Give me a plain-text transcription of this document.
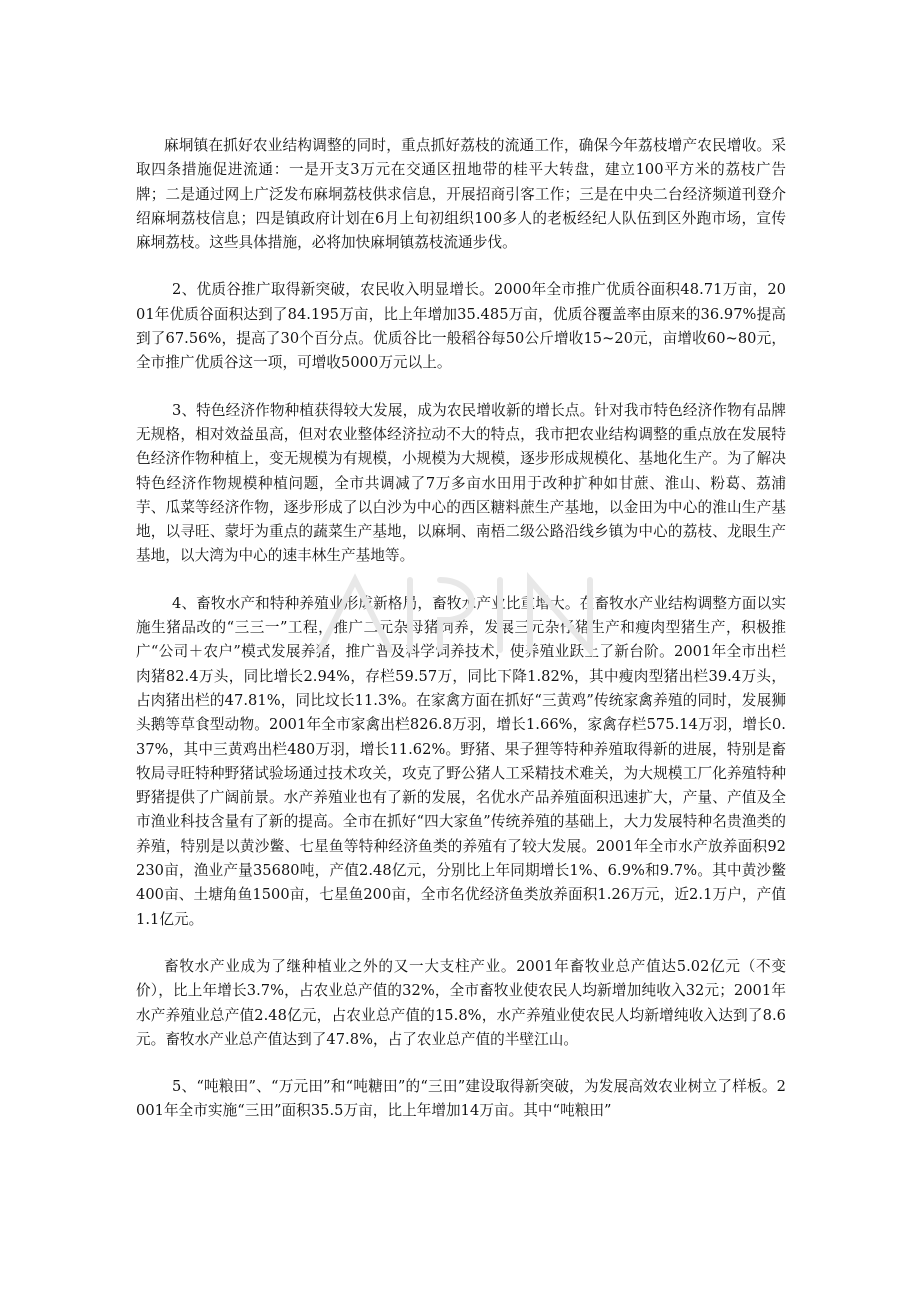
麻垌镇在抓好农业结构调整的同时，重点抓好荔枝的流通工作，确保今年荔枝增产农民增收。采取四条措施促进流通：一是开支3万元在交通区扭地带的桂平大转盘，建立100平方米的荔枝广告牌；二是通过网上广泛发布麻垌荔枝供求信息，开展招商引客工作；三是在中央二台经济频道刊登介绍麻垌荔枝信息；四是镇政府计划在6月上旬初组织100多人的老板经纪人队伍到区外跑市场，宣传麻垌荔枝。这些具体措施，必将加快麻垌镇荔枝流通步伐。

2、优质谷推广取得新突破，农民收入明显增长。2000年全市推广优质谷面积48.71万亩，2001年优质谷面积达到了84.195万亩，比上年增加35.485万亩，优质谷覆盖率由原来的36.97%提高到了67.56%，提高了30个百分点。优质谷比一般稻谷每50公斤增收15~20元，亩增收60~80元，全市推广优质谷这一项，可增收5000万元以上。

3、特色经济作物种植获得较大发展，成为农民增收新的增长点。针对我市特色经济作物有品牌无规格，相对效益虽高，但对农业整体经济拉动不大的特点，我市把农业结构调整的重点放在发展特色经济作物种植上，变无规模为有规模，小规模为大规模，逐步形成规模化、基地化生产。为了解决特色经济作物规模种植问题，全市共调减了7万多亩水田用于改种扩种如甘蔗、淮山、粉葛、荔浦芋、瓜菜等经济作物，逐步形成了以白沙为中心的西区糖料蔗生产基地，以金田为中心的淮山生产基地，以寻旺、蒙圩为重点的蔬菜生产基地，以麻垌、南梧二级公路沿线乡镇为中心的荔枝、龙眼生产基地，以大湾为中心的速丰林生产基地等。

4、畜牧水产和特种养殖业形成新格局，畜牧水产业比重增大。在畜牧水产业结构调整方面以实施生猪品改的“三三一”工程，推广二元杂母猪饲养，发展三元杂仔猪生产和瘦肉型猪生产，积极推广“公司＋农户”模式发展养猪，推广普及科学饲养技术，使养殖业跃上了新台阶。2001年全市出栏肉猪82.4万头，同比增长2.94%，存栏59.57万，同比下降1.82%，其中瘦肉型猪出栏39.4万头，占肉猪出栏的47.81%，同比坟长11.3%。在家禽方面在抓好“三黄鸡”传统家禽养殖的同时，发展狮头鹅等草食型动物。2001年全市家禽出栏826.8万羽，增长1.66%，家禽存栏575.14万羽，增长0.37%，其中三黄鸡出栏480万羽，增长11.62%。野猪、果子狸等特种养殖取得新的进展，特别是畜牧局寻旺特种野猪试验场通过技术攻关，攻克了野公猪人工采精技术难关，为大规模工厂化养殖特种野猪提供了广阔前景。水产养殖业也有了新的发展，名优水产品养殖面积迅速扩大，产量、产值及全市渔业科技含量有了新的提高。全市在抓好“四大家鱼”传统养殖的基础上，大力发展特种名贵渔类的养殖，特别是以黄沙鳖、七星鱼等特种经济鱼类的养殖有了较大发展。2001年全市水产放养面积92230亩，渔业产量35680吨，产值2.48亿元，分别比上年同期增长1%、6.9%和9.7%。其中黄沙鳖400亩、土塘角鱼1500亩，七星鱼200亩，全市名优经济鱼类放养面积1.26万元，近2.1万户，产值1.1亿元。

畜牧水产业成为了继种植业之外的又一大支柱产业。2001年畜牧业总产值达5.02亿元（不变价），比上年增长3.7%，占农业总产值的32%，全市畜牧业使农民人均新增加纯收入32元；2001年水产养殖业总产值2.48亿元，占农业总产值的15.8%，水产养殖业使农民人均新增纯收入达到了8.6元。畜牧水产业总产值达到了47.8%，占了农业总产值的半壁江山。

5、“吨粮田”、“万元田”和“吨糖田”的“三田”建设取得新突破，为发展高效农业树立了样板。2001年全市实施“三田”面积35.5万亩，比上年增加14万亩。其中“吨粮田”
